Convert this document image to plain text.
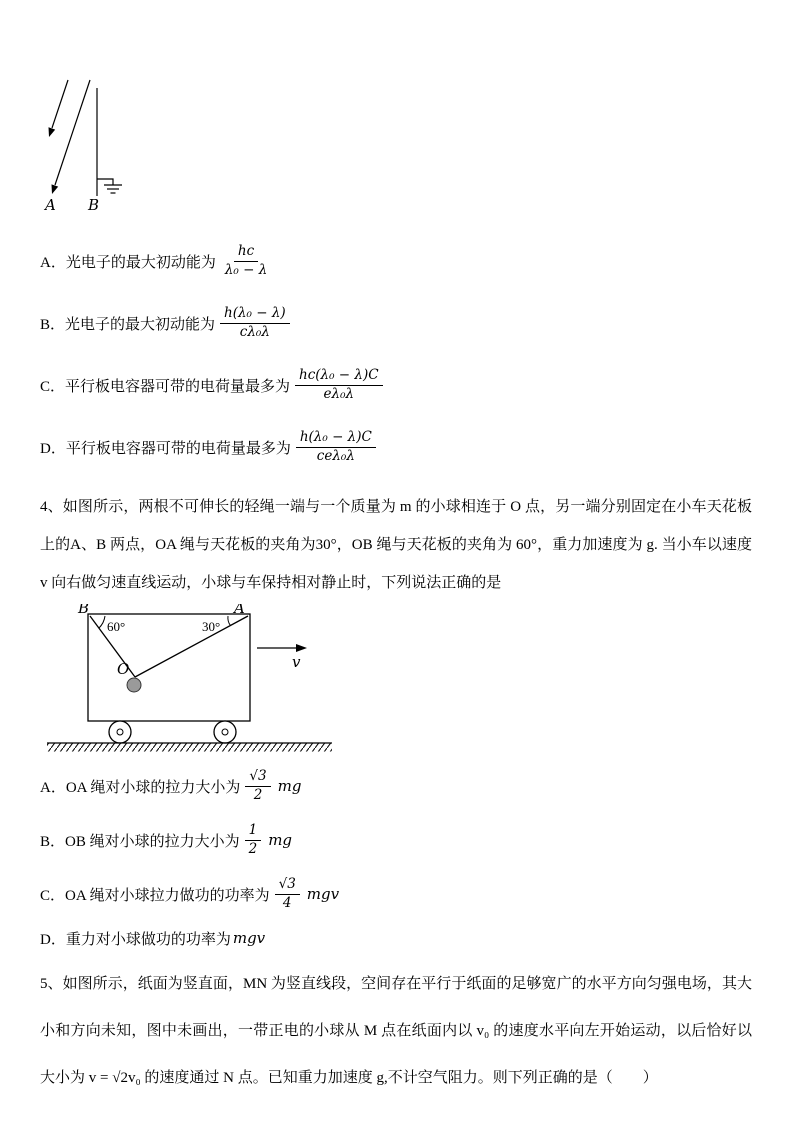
A B
A．光电子的最大初动能为 $\frac{hc}{\text{λ₀ − λ}}$
B．光电子的最大初动能为 $\frac{\text{h(λ₀ − λ)}}{\text{cλ₀λ}}$
C．平行板电容器可带的电荷量最多为 $\frac{\text{hc(λ₀ − λ)C}}{\text{eλ₀λ}}$
D．平行板电容器可带的电荷量最多为 $\frac{\text{h(λ₀ − λ)C}}{\text{ceλ₀λ}}$

4、如图所示，两根不可伸长的轻绳一端与一个质量为 m 的小球相连于 O 点，另一端分别固定在小车天花板上的A、B 两点，OA 绳与天花板的夹角为30°，OB 绳与天花板的夹角为 60°，重力加速度为 g. 当小车以速度 v 向右做匀速直线运动，小球与车保持相对静止时，下列说法正确的是

B	A
60°	30°
O	v
A．OA 绳对小球的拉力大小为 $\frac{√3}{2}$ mg
B．OB 绳对小球的拉力大小为 $\frac{1}{2}$ mg
C．OA 绳对小球拉力做功的功率为 $\frac{√3}{4}$ mgv
D．重力对小球做功的功率为 mgv

5、如图所示，纸面为竖直面，MN 为竖直线段，空间存在平行于纸面的足够宽广的水平方向匀强电场，其大小和方向未知，图中未画出，一带正电的小球从 M 点在纸面内以 v₀ 的速度水平向左开始运动，以后恰好以大小为 v = √2v₀ 的速度通过 N 点。已知重力加速度 g,不计空气阻力。则下列正确的是（　　）
